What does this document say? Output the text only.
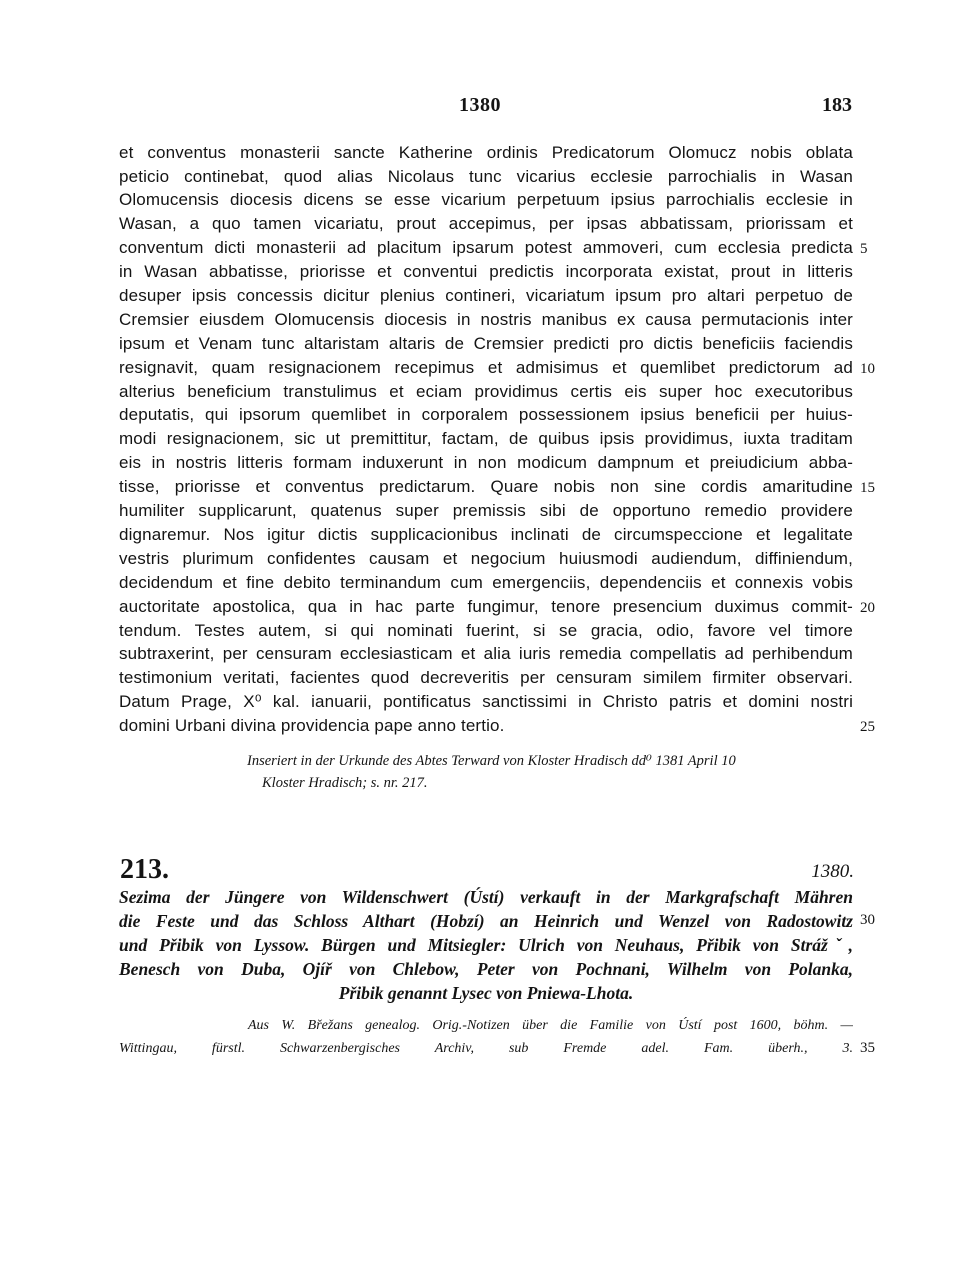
1380	183
et conventus monasterii sancte Katherine ordinis Predicatorum Olomucz nobis oblata
peticio continebat, quod alias Nicolaus tunc vicarius ecclesie parrochialis in Wasan
Olomucensis diocesis dicens se esse vicarium perpetuum ipsius parrochialis ecclesie in
Wasan, a quo tamen vicariatu, prout accepimus, per ipsas abbatissam, priorissam et
conventum dicti monasterii ad placitum ipsarum potest ammoveri, cum ecclesia predicta
in Wasan abbatisse, priorisse et conventui predictis incorporata existat, prout in litteris
desuper ipsis concessis dicitur plenius contineri, vicariatum ipsum pro altari perpetuo de
Cremsier eiusdem Olomucensis diocesis in nostris manibus ex causa permutacionis inter
ipsum et Venam tunc altaristam altaris de Cremsier predicti pro dictis beneficiis faciendis
resignavit, quam resignacionem recepimus et admisimus et quemlibet predictorum ad
alterius beneficium transtulimus et eciam providimus certis eis super hoc executoribus
deputatis, qui ipsorum quemlibet in corporalem possessionem ipsius beneficii per huius-
modi resignacionem, sic ut premittitur, factam, de quibus ipsis providimus, iuxta traditam
eis in nostris litteris formam induxerunt in non modicum dampnum et preiudicium abba-
tisse, priorisse et conventus predictarum. Quare nobis non sine cordis amaritudine
humiliter supplicarunt, quatenus super premissis sibi de opportuno remedio providere
dignaremur. Nos igitur dictis supplicacionibus inclinati de circumspeccione et legalitate
vestris plurimum confidentes causam et negocium huiusmodi audiendum, diffiniendum,
decidendum et fine debito terminandum cum emergenciis, dependenciis et connexis vobis
auctoritate apostolica, qua in hac parte fungimur, tenore presencium duximus commit-
tendum. Testes autem, si qui nominati fuerint, si se gracia, odio, favore vel timore
subtraxerint, per censuram ecclesiasticam et alia iuris remedia compellatis ad perhibendum
testimonium veritati, facientes quod decreveritis per censuram similem firmiter observari.
Datum Prage, X⁰ kal. ianuarii, pontificatus sanctissimi in Christo patris et domini nostri
domini Urbani divina providencia pape anno tertio.
5
10
15
20
25
30
35
Inseriert in der Urkunde des Abtes Terward von Kloster Hradisch dd⁰ 1381 April 10
Kloster Hradisch; s. nr. 217.
213.	1380.
Sezima der Jüngere von Wildenschwert (Ústí) verkauft in der Markgrafschaft Mähren
die Feste und das Schloss Althart (Hobzí) an Heinrich und Wenzel von Radostowitz
und Přibik von Lyssow. Bürgen und Mitsiegler: Ulrich von Neuhaus, Přibik von Strážˇ,
Benesch von Duba, Ojíř von Chlebow, Peter von Pochnani, Wilhelm von Polanka,
Přibik genannt Lysec von Pniewa-Lhota.
Aus W. Břežans genealog. Orig.-Notizen über die Familie von Ústí post 1600, böhm. —
Wittingau, fürstl. Schwarzenbergisches Archiv, sub Fremde adel. Fam. überh., 3.
